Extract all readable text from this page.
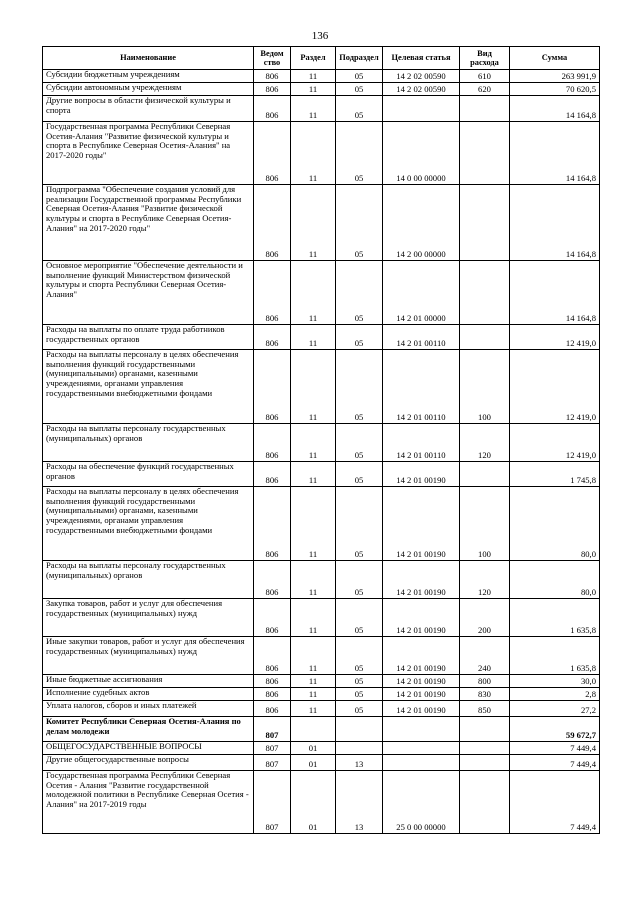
136
Наименование	Ведом ство	Раздел	Подраздел	Целевая статья	Вид расхода	Сумма
Субсидии бюджетным учреждениям	806	11	05	14 2 02 00590	610	263 991,9
Субсидии автономным учреждениям	806	11	05	14 2 02 00590	620	70 620,5
Другие вопросы в области физической культуры и спорта	806	11	05			14 164,8
Государственная программа Республики Северная Осетия-Алания "Развитие физической культуры и спорта в Республике Северная Осетия-Алания" на 2017-2020 годы"	806	11	05	14 0 00 00000		14 164,8
Подпрограмма "Обеспечение создания условий для реализации Государственной программы Республики Северная Осетия-Алания "Развитие физической культуры и спорта в Республике Северная Осетия-Алания" на 2017-2020 годы"	806	11	05	14 2 00 00000		14 164,8
Основное мероприятие "Обеспечение деятельности и выполнение функций Министерством физической культуры и спорта Республики Северная Осетия-Алания"	806	11	05	14 2 01 00000		14 164,8
Расходы на выплаты по оплате труда работников государственных органов	806	11	05	14 2 01 00110		12 419,0
Расходы на выплаты персоналу в целях обеспечения выполнения функций государственными (муниципальными) органами, казенными учреждениями, органами управления государственными внебюджетными фондами	806	11	05	14 2 01 00110	100	12 419,0
Расходы на выплаты персоналу государственных (муниципальных) органов	806	11	05	14 2 01 00110	120	12 419,0
Расходы на обеспечение функций государственных органов	806	11	05	14 2 01 00190		1 745,8
Расходы на выплаты персоналу в целях обеспечения выполнения функций государственными (муниципальными) органами, казенными учреждениями, органами управления государственными внебюджетными фондами	806	11	05	14 2 01 00190	100	80,0
Расходы на выплаты персоналу государственных (муниципальных) органов	806	11	05	14 2 01 00190	120	80,0
Закупка товаров, работ и услуг для обеспечения государственных (муниципальных) нужд	806	11	05	14 2 01 00190	200	1 635,8
Иные закупки товаров, работ и услуг для обеспечения государственных (муниципальных) нужд	806	11	05	14 2 01 00190	240	1 635,8
Иные бюджетные ассигнования	806	11	05	14 2 01 00190	800	30,0
Исполнение судебных актов	806	11	05	14 2 01 00190	830	2,8
Уплата налогов, сборов и иных платежей	806	11	05	14 2 01 00190	850	27,2
Комитет Республики Северная Осетия-Алания по делам молодежи	807					59 672,7
ОБЩЕГОСУДАРСТВЕННЫЕ ВОПРОСЫ	807	01				7 449,4
Другие общегосударственные вопросы	807	01	13			7 449,4
Государственная программа Республики Северная Осетия - Алания "Развитие государственной молодежной политики в Республике Северная Осетия - Алания" на 2017-2019 годы	807	01	13	25 0 00 00000		7 449,4
